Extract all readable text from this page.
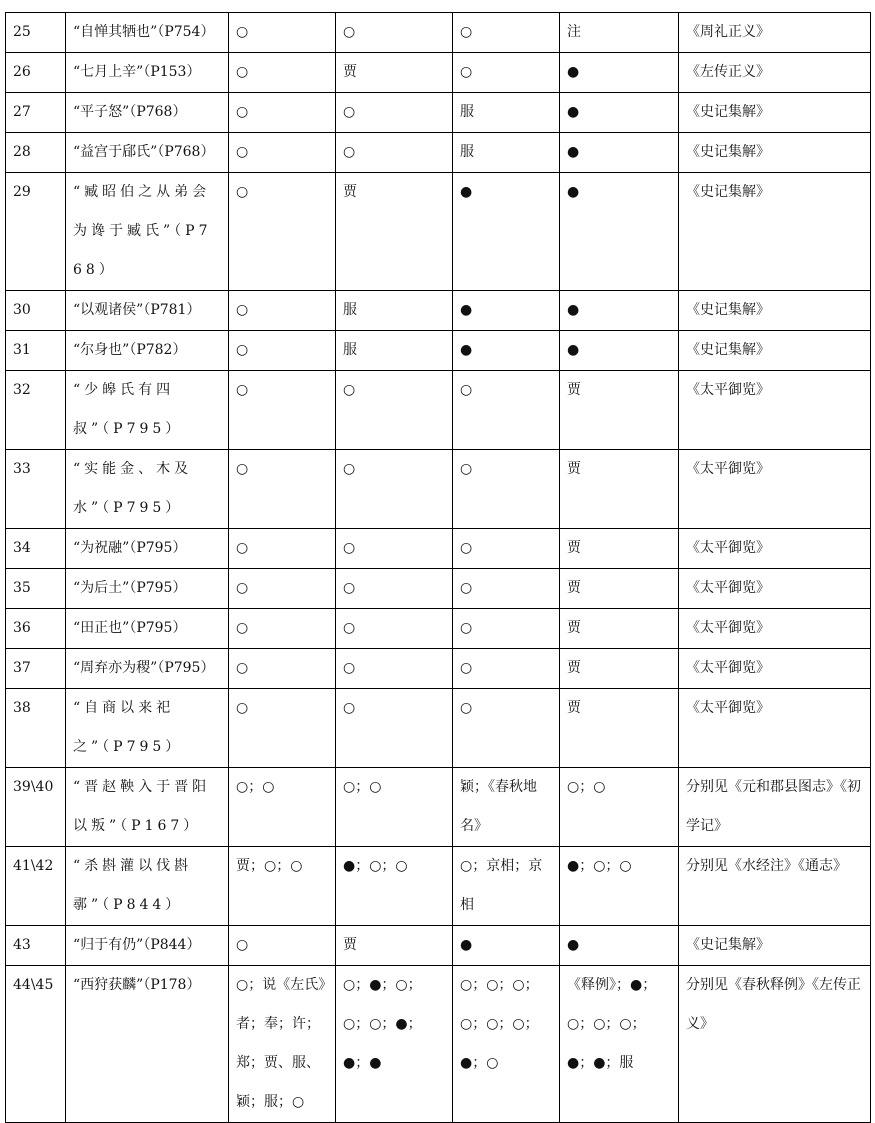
25	“自惮其牺也”（P754）	○	○	○	注	《周礼正义》
26	“七月上辛”（P153）	○	贾	○	●	《左传正义》
27	“平子怒”（P768）	○	○	服	●	《史记集解》
28	“益宫于郈氏”（P768）	○	○	服	●	《史记集解》
29	“臧昭伯之从弟会为谗于臧氏”（P768）	○	贾	●	●	《史记集解》
30	“以观诸侯”（P781）	○	服	●	●	《史记集解》
31	“尔身也”（P782）	○	服	●	●	《史记集解》
32	“少皞氏有四叔”（P795）	○	○	○	贾	《太平御览》
33	“实能金、木及水”（P795）	○	○	○	贾	《太平御览》
34	“为祝融”（P795）	○	○	○	贾	《太平御览》
35	“为后土”（P795）	○	○	○	贾	《太平御览》
36	“田正也”（P795）	○	○	○	贾	《太平御览》
37	“周弃亦为稷”（P795）	○	○	○	贾	《太平御览》
38	“自商以来祀之”（P795）	○	○	○	贾	《太平御览》
39\40	“晋赵鞅入于晋阳以叛”（P167）	○；○	○；○	颖；《春秋地名》	○；○	分别见《元和郡县图志》《初学记》
41\42	“杀斟灌以伐斟鄩”（P844）	贾；○；○	●；○；○	○；京相；京相	●；○；○	分别见《水经注》《通志》
43	“归于有仍”（P844）	○	贾	●	●	《史记集解》
44\45	“西狩获麟”（P178）	○；说《左氏》者；奉；许；郑；贾、服、颖；服；○	○；●；○；○；○；●；●；●	○；○；○；○；○；○；●；○	《释例》；●；○；○；○；●；●；服	分别见《春秋释例》《左传正义》
